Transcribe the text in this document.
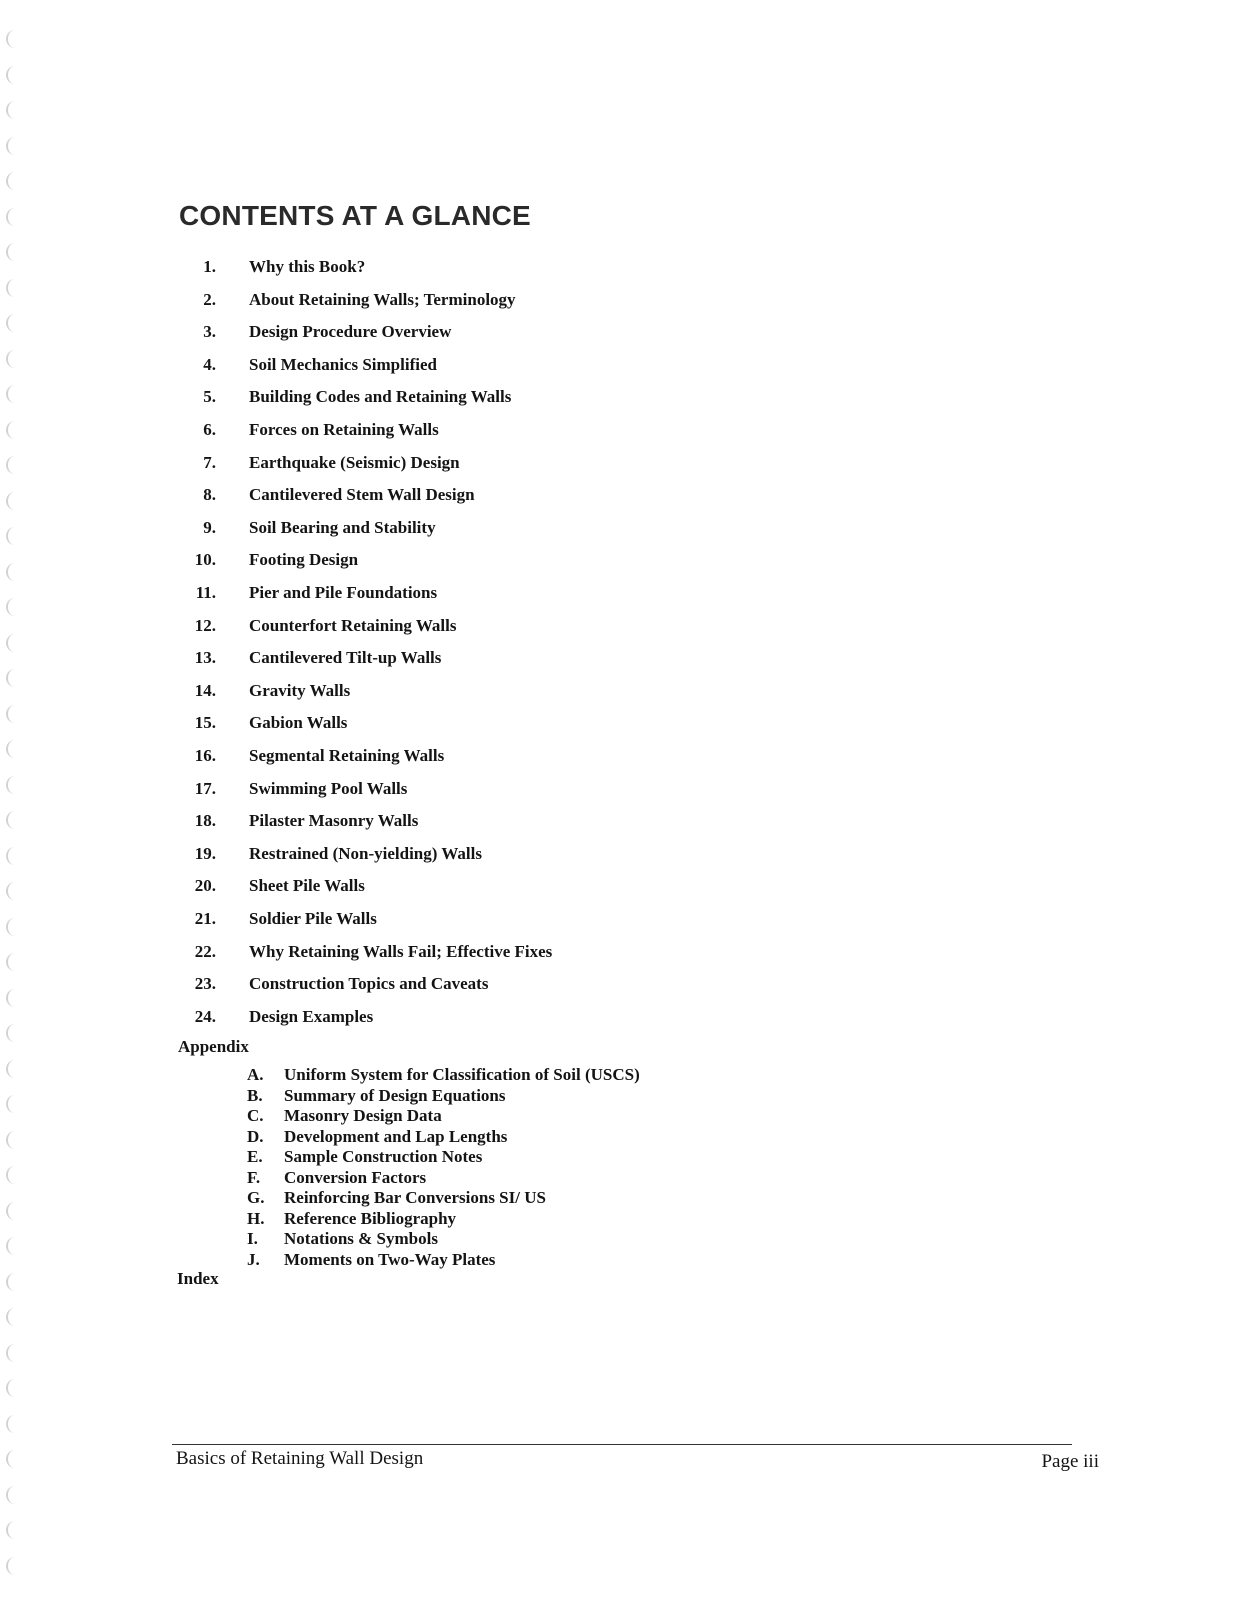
CONTENTS AT A GLANCE
1. Why this Book?
2. About Retaining Walls; Terminology
3. Design Procedure Overview
4. Soil Mechanics Simplified
5. Building Codes and Retaining Walls
6. Forces on Retaining Walls
7. Earthquake (Seismic) Design
8. Cantilevered Stem Wall Design
9. Soil Bearing and Stability
10. Footing Design
11. Pier and Pile Foundations
12. Counterfort Retaining Walls
13. Cantilevered Tilt-up Walls
14. Gravity Walls
15. Gabion Walls
16. Segmental Retaining Walls
17. Swimming Pool Walls
18. Pilaster Masonry Walls
19. Restrained (Non-yielding) Walls
20. Sheet Pile Walls
21. Soldier Pile Walls
22. Why Retaining Walls Fail; Effective Fixes
23. Construction Topics and Caveats
24. Design Examples
Appendix
A. Uniform System for Classification of Soil (USCS)
B. Summary of Design Equations
C. Masonry Design Data
D. Development and Lap Lengths
E. Sample Construction Notes
F. Conversion Factors
G. Reinforcing Bar Conversions SI/ US
H. Reference Bibliography
I. Notations & Symbols
J. Moments on Two-Way Plates
Index
Basics of Retaining Wall Design	Page iii
